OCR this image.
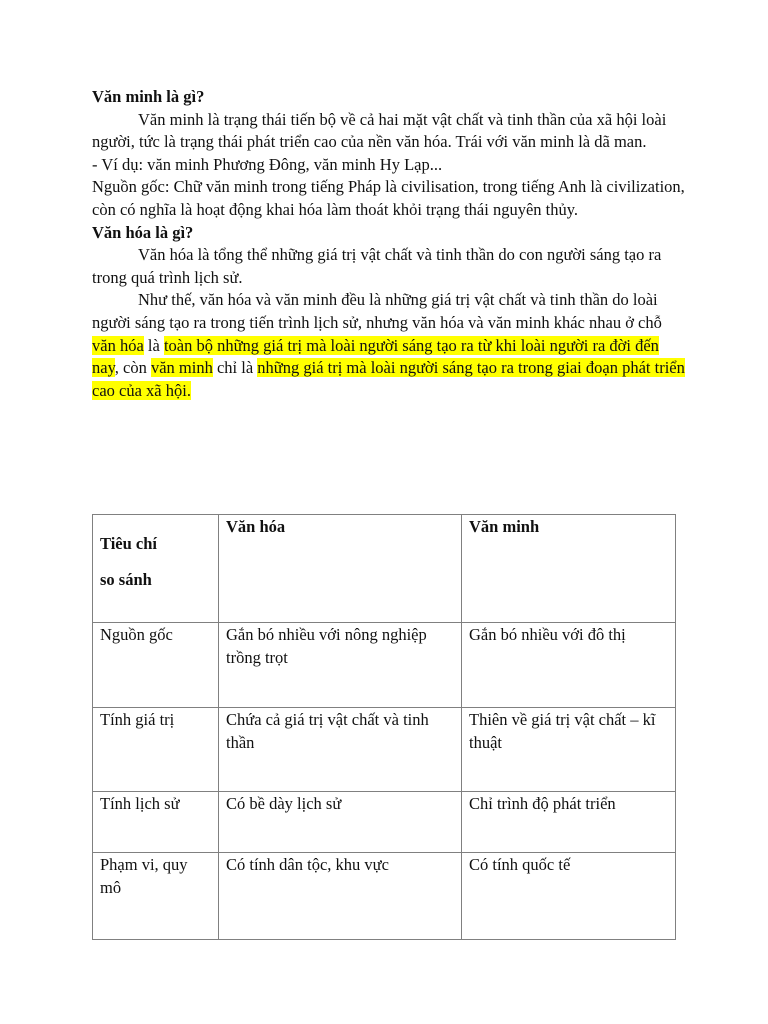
Văn minh là gì?

Văn minh là trạng thái tiến bộ về cả hai mặt vật chất và tinh thần của xã hội loài người, tức là trạng thái phát triển cao của nền văn hóa. Trái với văn minh là dã man.

- Ví dụ: văn minh Phương Đông, văn minh Hy Lạp...

Nguồn gốc: Chữ văn minh trong tiếng Pháp là civilisation, trong tiếng Anh là civilization, còn có nghĩa là hoạt động khai hóa làm thoát khỏi trạng thái nguyên thủy.

Văn hóa là gì?

Văn hóa là tổng thể những giá trị vật chất và tinh thần do con người sáng tạo ra trong quá trình lịch sử.

Như thế, văn hóa và văn minh đều là những giá trị vật chất và tinh thần do loài người sáng tạo ra trong tiến trình lịch sử, nhưng văn hóa và văn minh khác nhau ở chỗ văn hóa là toàn bộ những giá trị mà loài người sáng tạo ra từ khi loài người ra đời đến nay, còn văn minh chỉ là những giá trị mà loài người sáng tạo ra trong giai đoạn phát triển cao của xã hội.

Tiêu chí
so sánh	Văn hóa	Văn minh
Nguồn gốc	Gắn bó nhiều với nông nghiệp trồng trọt	Gắn bó nhiều với đô thị
Tính giá trị	Chứa cả giá trị vật chất và tinh thần	Thiên về giá trị vật chất – kĩ thuật
Tính lịch sử	Có bề dày lịch sử	Chỉ trình độ phát triển
Phạm vi, quy mô	Có tính dân tộc, khu vực	Có tính quốc tế
